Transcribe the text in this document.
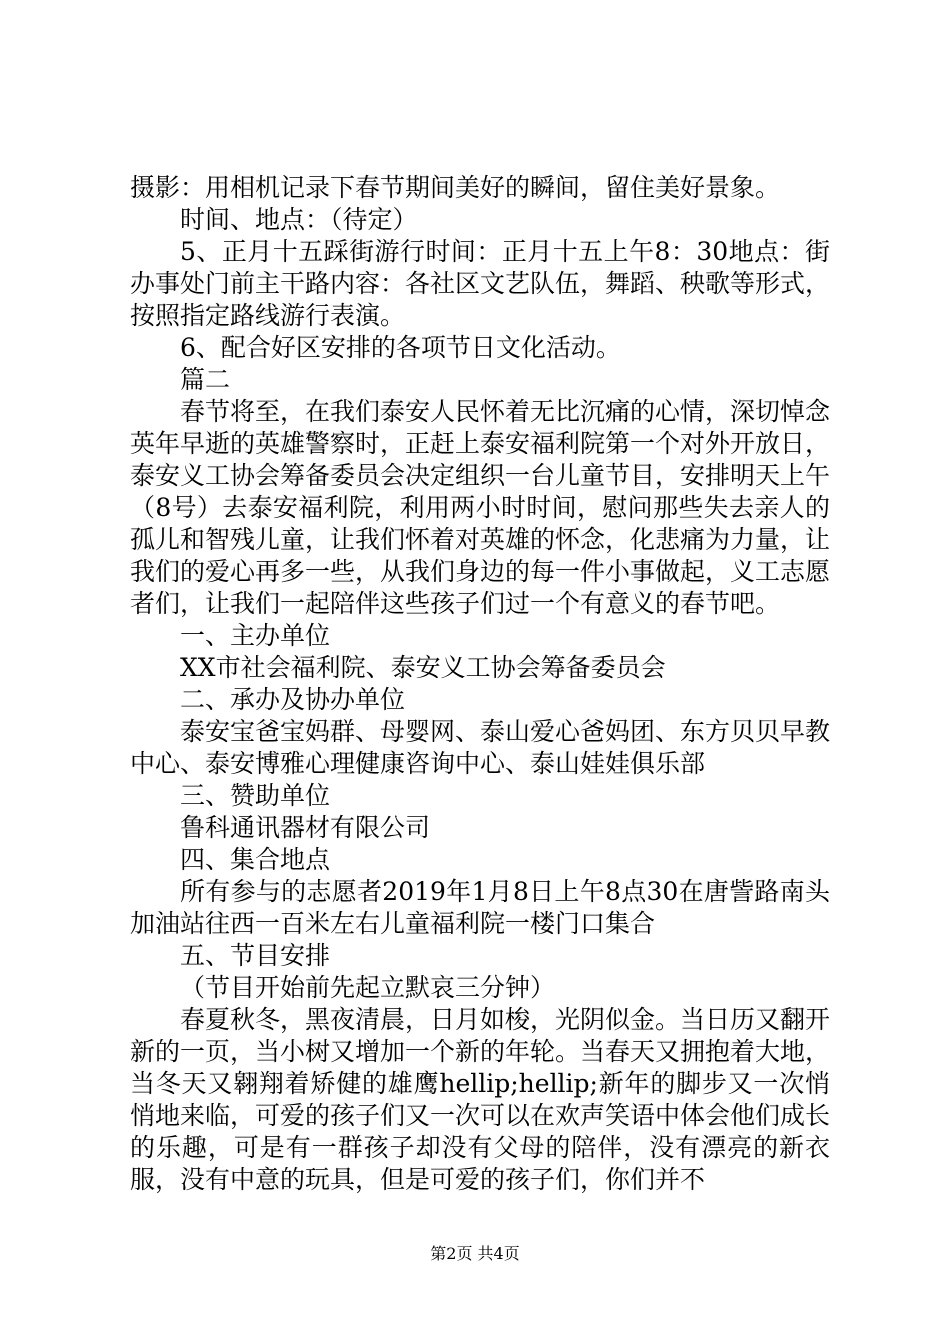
摄影：用相机记录下春节期间美好的瞬间，留住美好景象。

时间、地点：（待定）

5、正月十五踩街游行时间：正月十五上午8：30地点：街办事处门前主干路内容：各社区文艺队伍，舞蹈、秧歌等形式，按照指定路线游行表演。

6、配合好区安排的各项节日文化活动。

篇二

春节将至，在我们泰安人民怀着无比沉痛的心情，深切悼念英年早逝的英雄警察时，正赶上泰安福利院第一个对外开放日，泰安义工协会筹备委员会决定组织一台儿童节目，安排明天上午（8号）去泰安福利院，利用两小时时间，慰问那些失去亲人的孤儿和智残儿童，让我们怀着对英雄的怀念，化悲痛为力量，让我们的爱心再多一些，从我们身边的每一件小事做起，义工志愿者们，让我们一起陪伴这些孩子们过一个有意义的春节吧。

一、主办单位

XX市社会福利院、泰安义工协会筹备委员会

二、承办及协办单位

泰安宝爸宝妈群、母婴网、泰山爱心爸妈团、东方贝贝早教中心、泰安博雅心理健康咨询中心、泰山娃娃俱乐部

三、赞助单位

鲁科通讯器材有限公司

四、集合地点

所有参与的志愿者2019年1月8日上午8点30在唐訾路南头加油站往西一百米左右儿童福利院一楼门口集合

五、节目安排

（节目开始前先起立默哀三分钟）

春夏秋冬，黑夜清晨，日月如梭，光阴似金。当日历又翻开新的一页，当小树又增加一个新的年轮。当春天又拥抱着大地，当冬天又翱翔着矫健的雄鹰hellip;hellip;新年的脚步又一次悄悄地来临，可爱的孩子们又一次可以在欢声笑语中体会他们成长的乐趣，可是有一群孩子却没有父母的陪伴，没有漂亮的新衣服，没有中意的玩具，但是可爱的孩子们，你们并不

第2页 共4页
